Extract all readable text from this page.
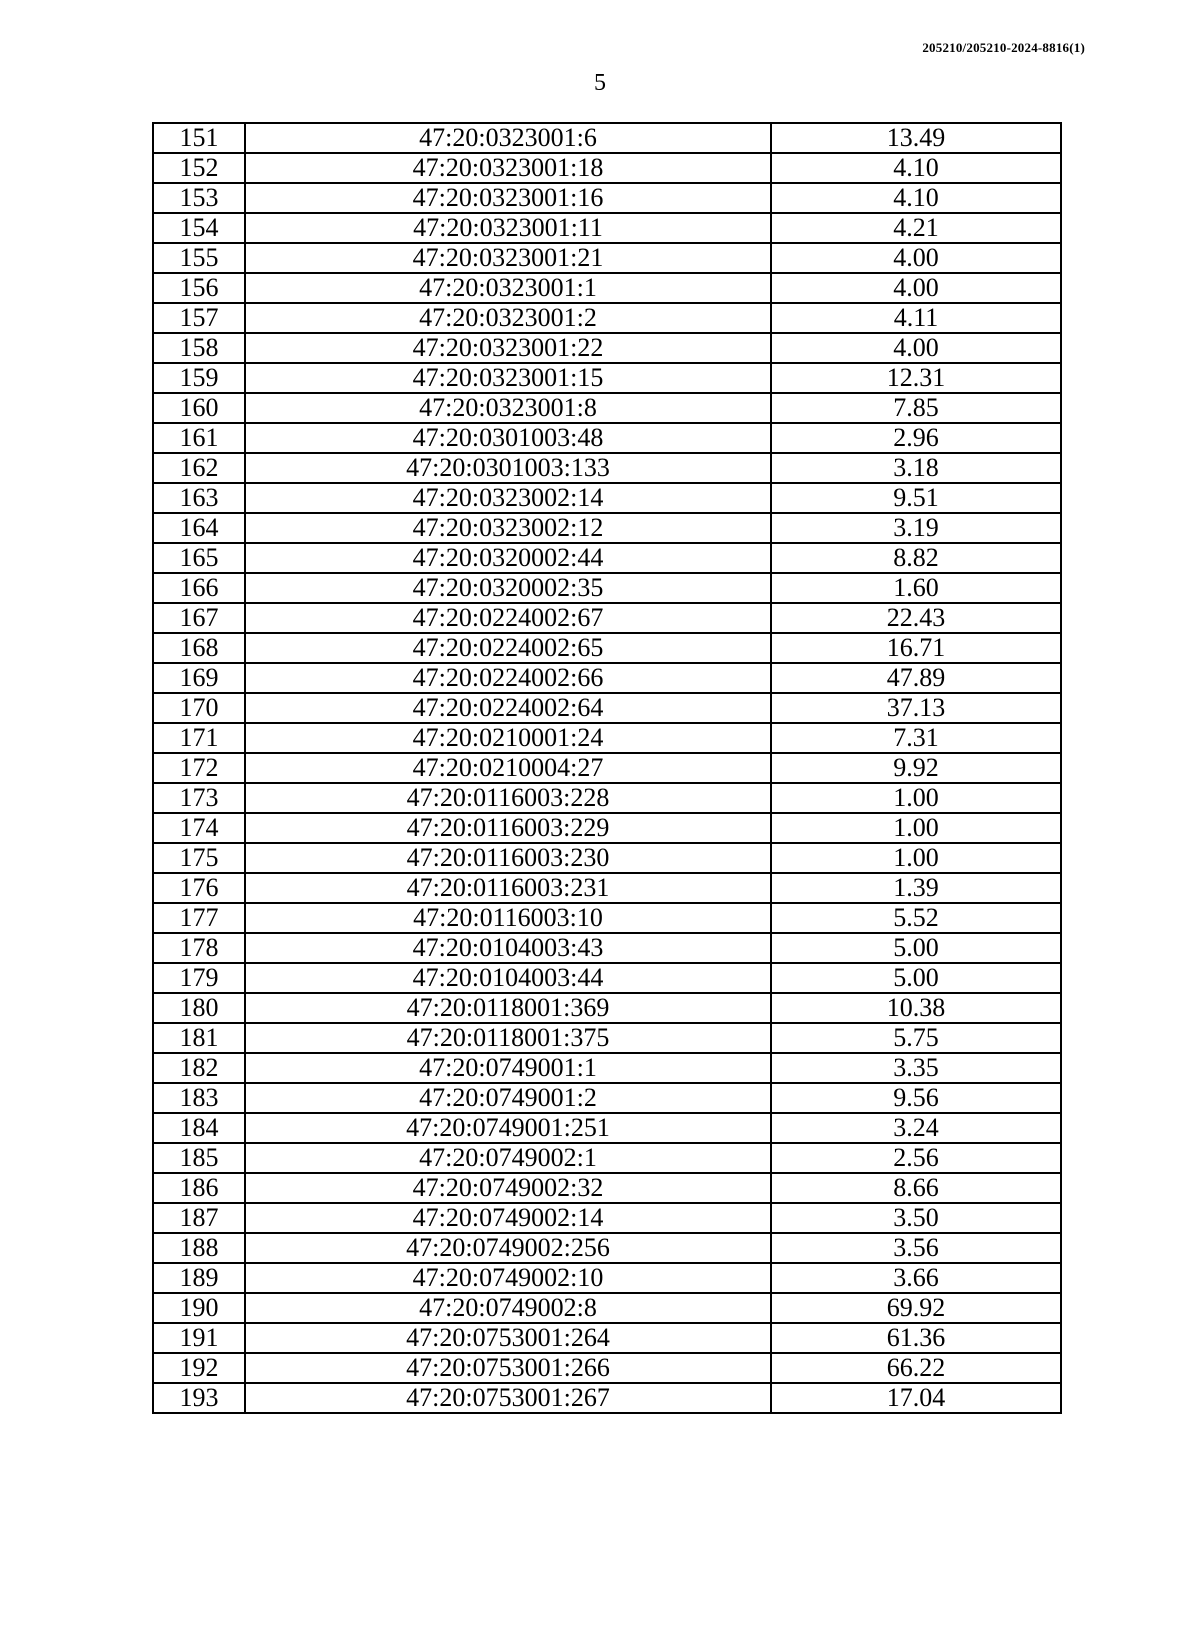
205210/205210-2024-8816(1)
5
151	47:20:0323001:6	13.49
152	47:20:0323001:18	4.10
153	47:20:0323001:16	4.10
154	47:20:0323001:11	4.21
155	47:20:0323001:21	4.00
156	47:20:0323001:1	4.00
157	47:20:0323001:2	4.11
158	47:20:0323001:22	4.00
159	47:20:0323001:15	12.31
160	47:20:0323001:8	7.85
161	47:20:0301003:48	2.96
162	47:20:0301003:133	3.18
163	47:20:0323002:14	9.51
164	47:20:0323002:12	3.19
165	47:20:0320002:44	8.82
166	47:20:0320002:35	1.60
167	47:20:0224002:67	22.43
168	47:20:0224002:65	16.71
169	47:20:0224002:66	47.89
170	47:20:0224002:64	37.13
171	47:20:0210001:24	7.31
172	47:20:0210004:27	9.92
173	47:20:0116003:228	1.00
174	47:20:0116003:229	1.00
175	47:20:0116003:230	1.00
176	47:20:0116003:231	1.39
177	47:20:0116003:10	5.52
178	47:20:0104003:43	5.00
179	47:20:0104003:44	5.00
180	47:20:0118001:369	10.38
181	47:20:0118001:375	5.75
182	47:20:0749001:1	3.35
183	47:20:0749001:2	9.56
184	47:20:0749001:251	3.24
185	47:20:0749002:1	2.56
186	47:20:0749002:32	8.66
187	47:20:0749002:14	3.50
188	47:20:0749002:256	3.56
189	47:20:0749002:10	3.66
190	47:20:0749002:8	69.92
191	47:20:0753001:264	61.36
192	47:20:0753001:266	66.22
193	47:20:0753001:267	17.04
